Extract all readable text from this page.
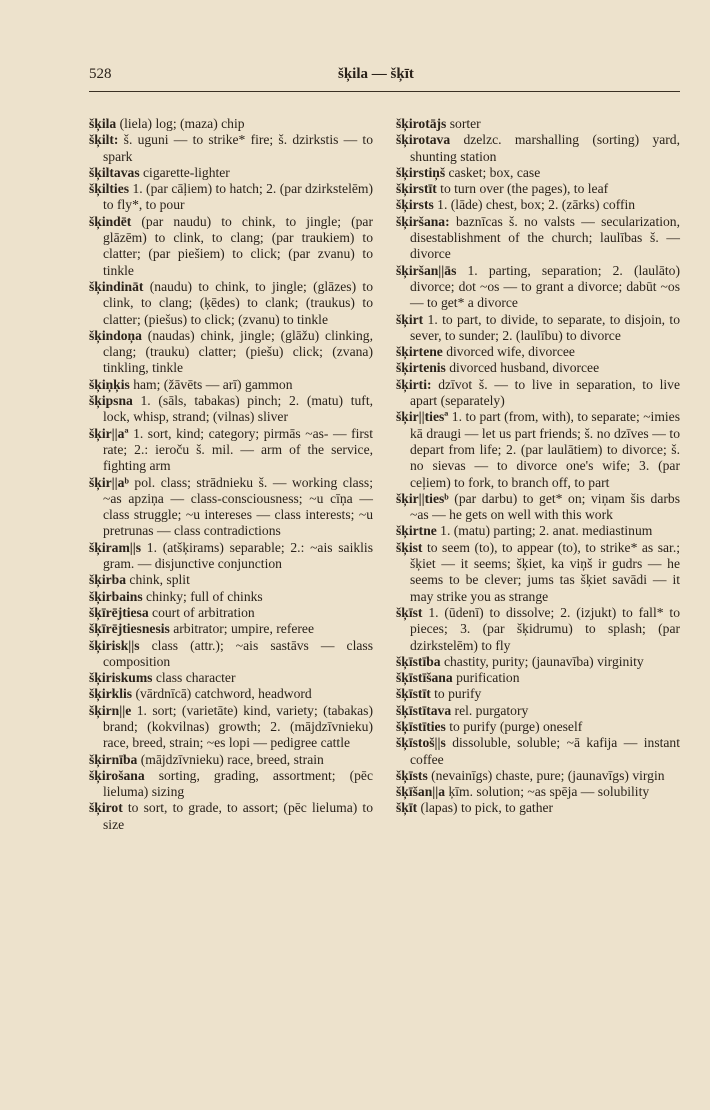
528	šķila — šķīt
šķila (liela) log; (maza) chip
šķilt: š. uguni — to strike* fire; š. dzirkstis — to spark
šķiltavas cigarette-lighter
šķilties 1. (par cāļiem) to hatch; 2. (par dzirkstelēm) to fly*, to pour
šķindēt (par naudu) to chink, to jingle; (par glāzēm) to clink, to clang; (par traukiem) to clatter; (par piešiem) to click; (par zvanu) to tinkle
šķindināt (naudu) to chink, to jingle; (glāzes) to clink, to clang; (ķēdes) to clank; (traukus) to clatter; (piešus) to click; (zvanu) to tinkle
šķindoņa (naudas) chink, jingle; (glāžu) clinking, clang; (trauku) clatter; (piešu) click; (zvana) tinkling, tinkle
šķiņķis ham; (žāvēts — arī) gammon
šķipsna 1. (sāls, tabakas) pinch; 2. (matu) tuft, lock, whisp, strand; (vilnas) sliver
šķir||aª 1. sort, kind; category; pirmās ~as- — first rate; 2.: ieroču š. mil. — arm of the service, fighting arm
šķir||aᵇ pol. class; strādnieku š. — working class; ~as apziņa — class-consciousness; ~u cīņa — class struggle; ~u intereses — class interests; ~u pretrunas — class contradictions
šķiram||s 1. (atšķirams) separable; 2.: ~ais saiklis gram. — disjunctive conjunction
šķirba chink, split
šķirbains chinky; full of chinks
šķīrējtiesa court of arbitration
šķīrējtiesnesis arbitrator; umpire, referee
šķirisk||s class (attr.); ~ais sastāvs — class composition
šķiriskums class character
šķirklis (vārdnīcā) catchword, headword
šķirn||e 1. sort; (varietāte) kind, variety; (tabakas) brand; (kokvilnas) growth; 2. (mājdzīvnieku) race, breed, strain; ~es lopi — pedigree cattle
šķirnība (mājdzīvnieku) race, breed, strain
šķirošana sorting, grading, assortment; (pēc lieluma) sizing
šķirot to sort, to grade, to assort; (pēc lieluma) to size
šķirotājs sorter
šķirotava dzelzc. marshalling (sorting) yard, shunting station
šķirstiņš casket; box, case
šķirstīt to turn over (the pages), to leaf
šķirsts 1. (lāde) chest, box; 2. (zārks) coffin
šķiršana: baznīcas š. no valsts — secularization, disestablishment of the church; laulības š. — divorce
šķiršan||ās 1. parting, separation; 2. (laulāto) divorce; dot ~os — to grant a divorce; dabūt ~os — to get* a divorce
šķirt 1. to part, to divide, to separate, to disjoin, to sever, to sunder; 2. (laulību) to divorce
šķirtene divorced wife, divorcee
šķirtenis divorced husband, divorcee
šķirti: dzīvot š. — to live in separation, to live apart (separately)
šķir||tiesª 1. to part (from, with), to separate; ~imies kā draugi — let us part friends; š. no dzīves — to depart from life; 2. (par laulātiem) to divorce; š. no sievas — to divorce one's wife; 3. (par ceļiem) to fork, to branch off, to part
šķir||tiesᵇ (par darbu) to get* on; viņam šis darbs ~as — he gets on well with this work
šķirtne 1. (matu) parting; 2. anat. mediastinum
šķist to seem (to), to appear (to), to strike* as sar.; šķiet — it seems; šķiet, ka viņš ir gudrs — he seems to be clever; jums tas šķiet savādi — it may strike you as strange
šķīst 1. (ūdenī) to dissolve; 2. (izjukt) to fall* to pieces; 3. (par šķidrumu) to splash; (par dzirkstelēm) to fly
šķīstība chastity, purity; (jaunavība) virginity
šķīstīšana purification
šķīstīt to purify
šķīstītava rel. purgatory
šķīstīties to purify (purge) oneself
šķīstoš||s dissoluble, soluble; ~ā kafija — instant coffee
šķīsts (nevainīgs) chaste, pure; (jaunavīgs) virgin
šķīšan||a ķīm. solution; ~as spēja — solubility
šķīt (lapas) to pick, to gather
